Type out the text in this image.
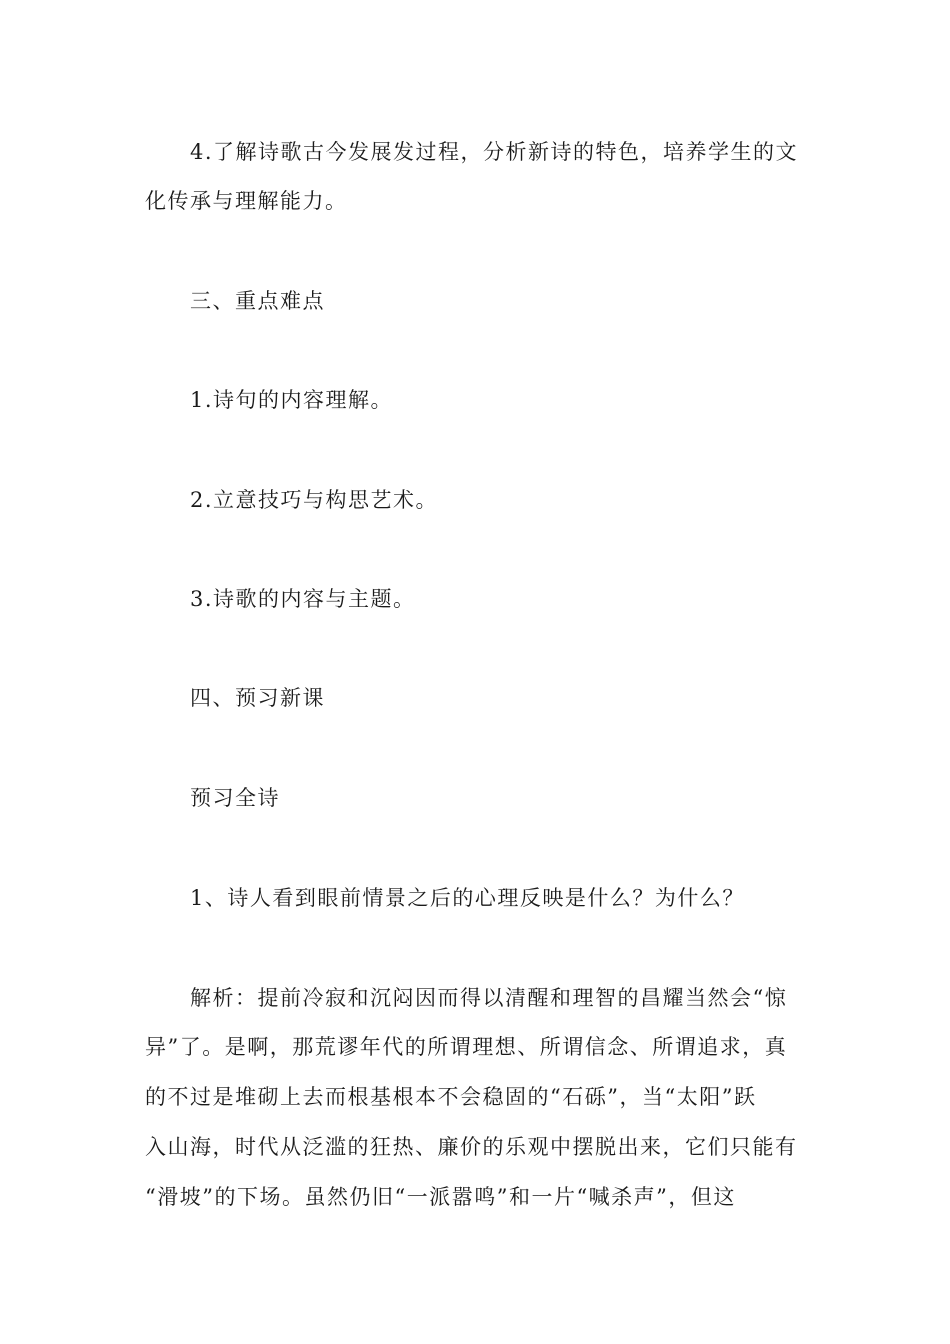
4.了解诗歌古今发展发过程，分析新诗的特色，培养学生的文
化传承与理解能力。
三、重点难点
1.诗句的内容理解。
2.立意技巧与构思艺术。
3.诗歌的内容与主题。
四、预习新课
预习全诗
1、诗人看到眼前情景之后的心理反映是什么？为什么？
解析：提前冷寂和沉闷因而得以清醒和理智的昌耀当然会“惊
异”了。是啊，那荒谬年代的所谓理想、所谓信念、所谓追求，真
的不过是堆砌上去而根基根本不会稳固的“石砾”，当“太阳”跃
入山海，时代从泛滥的狂热、廉价的乐观中摆脱出来，它们只能有
“滑坡”的下场。虽然仍旧“一派嚣鸣”和一片“喊杀声”，但这
